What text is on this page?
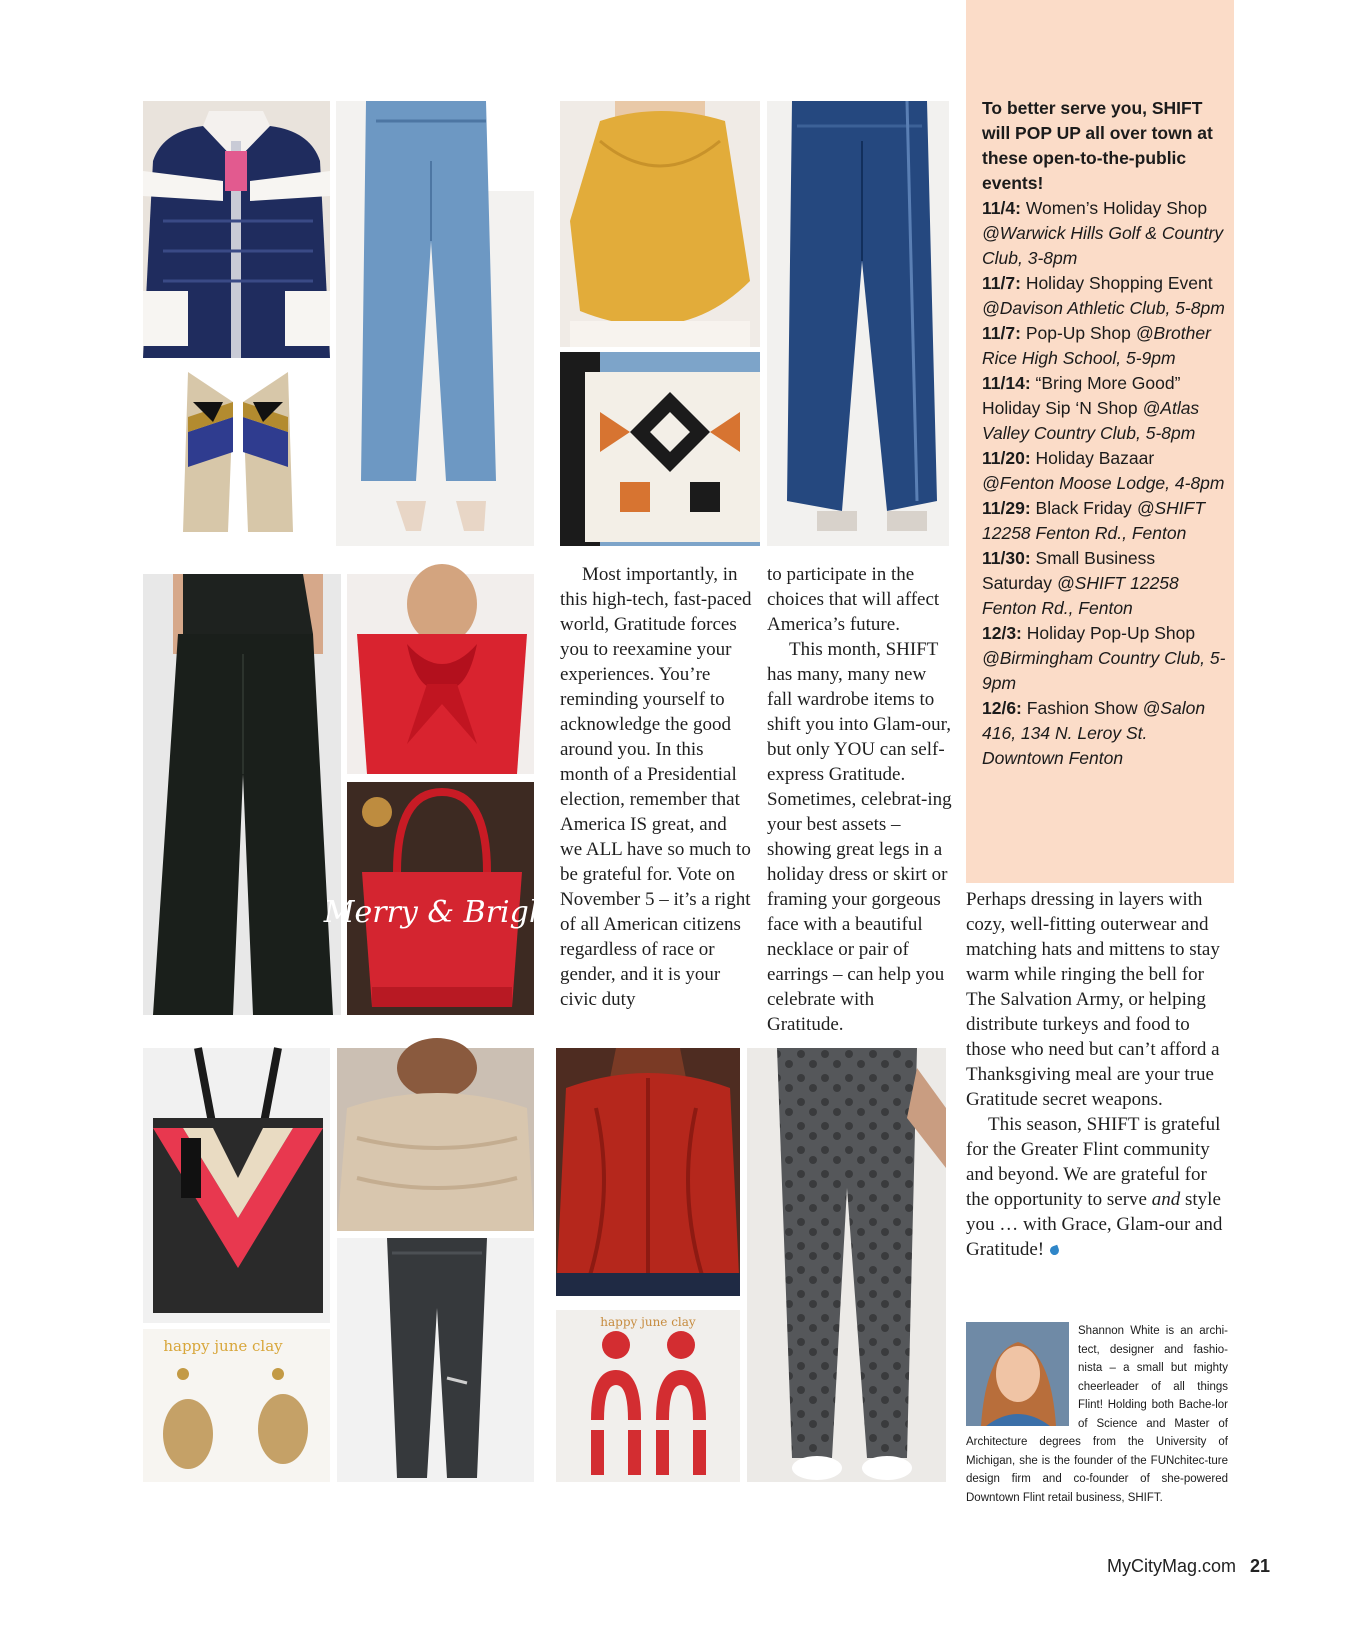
Merry & Bright
happy june clay
happy june clay

Most importantly, in this high-tech, fast-paced world, Gratitude forces you to reexamine your experiences. You’re reminding yourself to acknowledge the good around you. In this month of a Presidential election, remember that America IS great, and we ALL have so much to be grateful for. Vote on November 5 – it’s a right of all American citizens regardless of race or gender, and it is your civic duty

to participate in the choices that will affect America’s future.

This month, SHIFT has many, many new fall wardrobe items to shift you into Glam-our, but only YOU can self-express Gratitude. Sometimes, celebrat-ing your best assets – showing great legs in a holiday dress or skirt or framing your gorgeous face with a beautiful necklace or pair of earrings – can help you celebrate with Gratitude.

Perhaps dressing in layers with cozy, well-fitting outerwear and matching hats and mittens to stay warm while ringing the bell for The Salvation Army, or helping distribute turkeys and food to those who need but can’t afford a Thanksgiving meal are your true Gratitude secret weapons.

This season, SHIFT is grateful for the Greater Flint community and beyond. We are grateful for the opportunity to serve and style you … with Grace, Glam-our and Gratitude!

To better serve you, SHIFT will POP UP all over town at these open-to-the-public events!
11/4: Women’s Holiday Shop @Warwick Hills Golf & Country Club, 3-8pm
11/7: Holiday Shopping Event @Davison Athletic Club, 5-8pm
11/7: Pop-Up Shop @Brother Rice High School, 5-9pm
11/14: “Bring More Good” Holiday Sip ‘N Shop @Atlas Valley Country Club, 5-8pm
11/20: Holiday Bazaar @Fenton Moose Lodge, 4-8pm
11/29: Black Friday @SHIFT 12258 Fenton Rd., Fenton
11/30: Small Business Saturday @SHIFT 12258 Fenton Rd., Fenton
12/3: Holiday Pop-Up Shop @Birmingham Country Club, 5-9pm
12/6: Fashion Show @Salon 416, 134 N. Leroy St. Downtown Fenton
Shannon White is an archi-tect, designer and fashio-nista – a small but mighty cheerleader of all things Flint! Holding both Bache-lor of Science and Master of Architecture degrees from the University of Michigan, she is the founder of the FUNchitec-ture design firm and co-founder of she-powered Downtown Flint retail business, SHIFT.
MyCityMag.com 21
